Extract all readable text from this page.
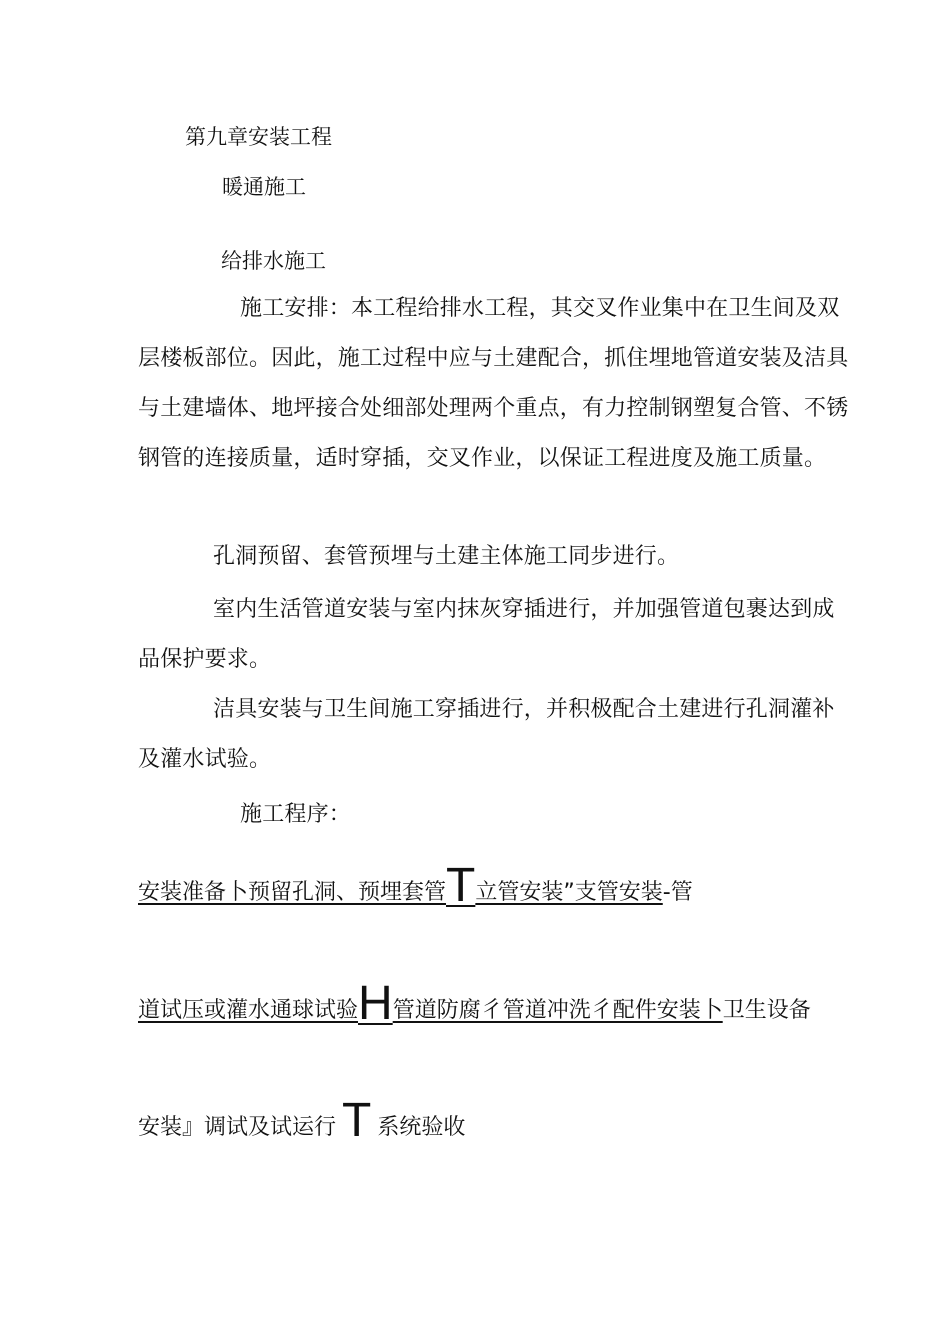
第九章安装工程
暖通施工
给排水施工
施工安排：本工程给排水工程，其交叉作业集中在卫生间及双层楼板部位。因此，施工过程中应与土建配合，抓住埋地管道安装及洁具与土建墙体、地坪接合处细部处理两个重点，有力控制钢塑复合管、不锈钢管的连接质量，适时穿插，交叉作业，以保证工程进度及施工质量。
孔洞预留、套管预埋与土建主体施工同步进行。
室内生活管道安装与室内抹灰穿插进行，并加强管道包裹达到成品保护要求。
洁具安装与卫生间施工穿插进行，并积极配合土建进行孔洞灌补及灌水试验。
施工程序：
安装准备卜预留孔洞、预埋套管T立管安装”支管安装-管
道试压或灌水通球试验H管道防腐彳管道冲洗彳配件安装卜卫生设备
安装』调试及试运行 T 系统验收
